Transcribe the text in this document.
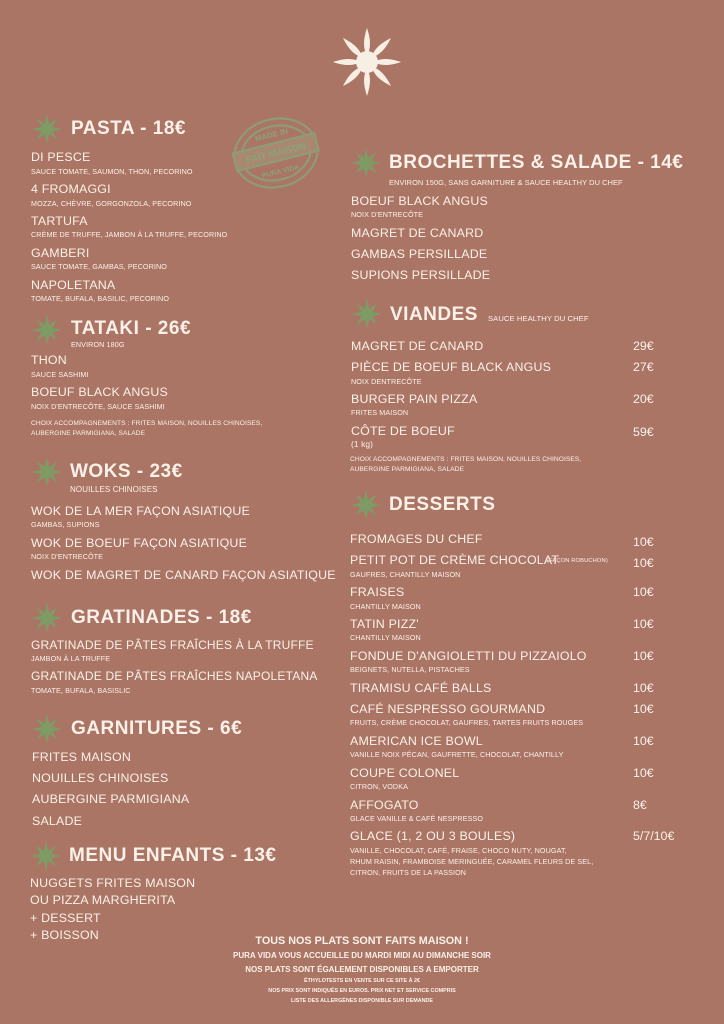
MADE IN
FAIT MAISON
PURA VIDA
PASTA - 18€
DI PESCE
SAUCE TOMATE, SAUMON, THON, PECORINO
4 FROMAGGI
MOZZA, CHÈVRE, GORGONZOLA, PECORINO
TARTUFA
CRÈME DE TRUFFE, JAMBON À LA TRUFFE, PECORINO
GAMBERI
SAUCE TOMATE, GAMBAS, PECORINO
NAPOLETANA
TOMATE, BUFALA, BASILIC, PECORINO
TATAKI - 26€
ENVIRON 180G
THON
SAUCE SASHIMI
BOEUF BLACK ANGUS
NOIX D'ENTRECÔTE, SAUCE SASHIMI
CHOIX ACCOMPAGNEMENTS : FRITES MAISON, NOUILLES CHINOISES,
AUBERGINE PARMIGIANA, SALADE
WOKS - 23€
NOUILLES CHINOISES
WOK DE LA MER FAÇON ASIATIQUE
GAMBAS, SUPIONS
WOK DE BOEUF FAÇON ASIATIQUE
NOIX D'ENTRECÔTE
WOK DE MAGRET DE CANARD FAÇON ASIATIQUE
GRATINADES - 18€
GRATINADE DE PÂTES FRAÎCHES À LA TRUFFE
JAMBON À LA TRUFFE
GRATINADE DE PÂTES FRAÎCHES NAPOLETANA
TOMATE, BUFALA, BASISLIC
GARNITURES - 6€
FRITES MAISON
NOUILLES CHINOISES
AUBERGINE PARMIGIANA
SALADE
MENU ENFANTS - 13€
NUGGETS FRITES MAISON
OU PIZZA MARGHERITA
+ DESSERT
+ BOISSON
BROCHETTES & SALADE - 14€
ENVIRON 150G, SANS GARNITURE & SAUCE HEALTHY DU CHEF
BOEUF BLACK ANGUS
NOIX D'ENTRECÔTE
MAGRET DE CANARD
GAMBAS PERSILLADE
SUPIONS PERSILLADE
VIANDES SAUCE HEALTHY DU CHEF
MAGRET DE CANARD	29€
PIÈCE DE BOEUF BLACK ANGUS
NOIX DENTRECÔTE
27€
BURGER PAIN PIZZA
FRITES MAISON
20€
CÔTE DE BOEUF
(1 kg)
59€
CHOIX ACCOMPAGNEMENTS : FRITES MAISON, NOUILLES CHINOISES,
AUBERGINE PARMIGIANA, SALADE
DESSERTS
FROMAGES DU CHEF	10€
PETIT POT DE CRÈME CHOCOLAT
(FAÇON ROBUCHON)
GAUFRES, CHANTILLY MAISON
10€
FRAISES
CHANTILLY MAISON
10€
TATIN PIZZ'
CHANTILLY MAISON
10€
FONDUE D'ANGIOLETTI DU PIZZAIOLO
BEIGNETS, NUTELLA, PISTACHES
10€
TIRAMISU CAFÉ BALLS	10€
CAFÉ NESPRESSO GOURMAND
FRUITS, CRÈME CHOCOLAT, GAUFRES, TARTES FRUITS ROUGES
10€
AMERICAN ICE BOWL
VANILLE NOIX PÉCAN, GAUFRETTE, CHOCOLAT, CHANTILLY
10€
COUPE COLONEL
CITRON, VODKA
10€
AFFOGATO
GLACE VANILLE & CAFÉ NESPRESSO
8€
GLACE (1, 2 OU 3 BOULES)	5/7/10€
VANILLE, CHOCOLAT, CAFÉ, FRAISE, CHOCO NUTY, NOUGAT,
RHUM RAISIN, FRAMBOISE MERINGUÉE, CARAMEL FLEURS DE SEL,
CITRON, FRUITS DE LA PASSION
TOUS NOS PLATS SONT FAITS MAISON !
PURA VIDA VOUS ACCUEILLE DU MARDI MIDI AU DIMANCHE SOIR
NOS PLATS SONT ÉGALEMENT DISPONIBLES A EMPORTER
ÉTHYLOTESTS EN VENTE SUR CE SITE À 2€
NOS PRIX SONT INDIQUÉS EN EUROS. PRIX NET ET SERVICE COMPRIS
LISTE DES ALLERGÈNES DISPONIBLE SUR DEMANDE
